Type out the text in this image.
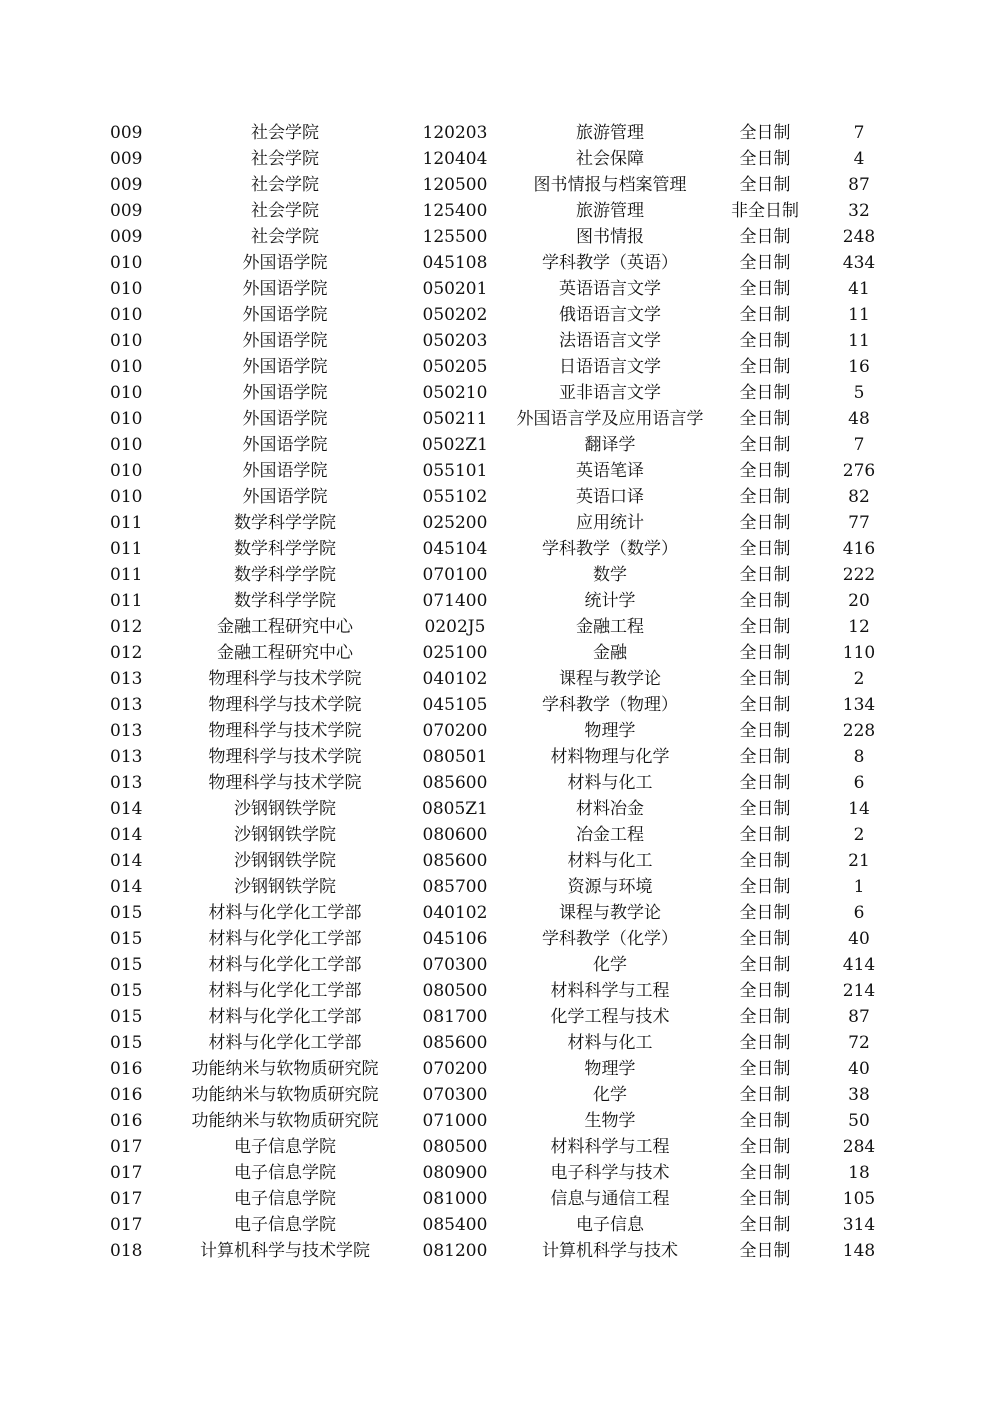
009	社会学院	120203	旅游管理	全日制	7
009	社会学院	120404	社会保障	全日制	4
009	社会学院	120500	图书情报与档案管理	全日制	87
009	社会学院	125400	旅游管理	非全日制	32
009	社会学院	125500	图书情报	全日制	248
010	外国语学院	045108	学科教学（英语）	全日制	434
010	外国语学院	050201	英语语言文学	全日制	41
010	外国语学院	050202	俄语语言文学	全日制	11
010	外国语学院	050203	法语语言文学	全日制	11
010	外国语学院	050205	日语语言文学	全日制	16
010	外国语学院	050210	亚非语言文学	全日制	5
010	外国语学院	050211	外国语言学及应用语言学	全日制	48
010	外国语学院	0502Z1	翻译学	全日制	7
010	外国语学院	055101	英语笔译	全日制	276
010	外国语学院	055102	英语口译	全日制	82
011	数学科学学院	025200	应用统计	全日制	77
011	数学科学学院	045104	学科教学（数学）	全日制	416
011	数学科学学院	070100	数学	全日制	222
011	数学科学学院	071400	统计学	全日制	20
012	金融工程研究中心	0202J5	金融工程	全日制	12
012	金融工程研究中心	025100	金融	全日制	110
013	物理科学与技术学院	040102	课程与教学论	全日制	2
013	物理科学与技术学院	045105	学科教学（物理）	全日制	134
013	物理科学与技术学院	070200	物理学	全日制	228
013	物理科学与技术学院	080501	材料物理与化学	全日制	8
013	物理科学与技术学院	085600	材料与化工	全日制	6
014	沙钢钢铁学院	0805Z1	材料冶金	全日制	14
014	沙钢钢铁学院	080600	冶金工程	全日制	2
014	沙钢钢铁学院	085600	材料与化工	全日制	21
014	沙钢钢铁学院	085700	资源与环境	全日制	1
015	材料与化学化工学部	040102	课程与教学论	全日制	6
015	材料与化学化工学部	045106	学科教学（化学）	全日制	40
015	材料与化学化工学部	070300	化学	全日制	414
015	材料与化学化工学部	080500	材料科学与工程	全日制	214
015	材料与化学化工学部	081700	化学工程与技术	全日制	87
015	材料与化学化工学部	085600	材料与化工	全日制	72
016	功能纳米与软物质研究院	070200	物理学	全日制	40
016	功能纳米与软物质研究院	070300	化学	全日制	38
016	功能纳米与软物质研究院	071000	生物学	全日制	50
017	电子信息学院	080500	材料科学与工程	全日制	284
017	电子信息学院	080900	电子科学与技术	全日制	18
017	电子信息学院	081000	信息与通信工程	全日制	105
017	电子信息学院	085400	电子信息	全日制	314
018	计算机科学与技术学院	081200	计算机科学与技术	全日制	148
